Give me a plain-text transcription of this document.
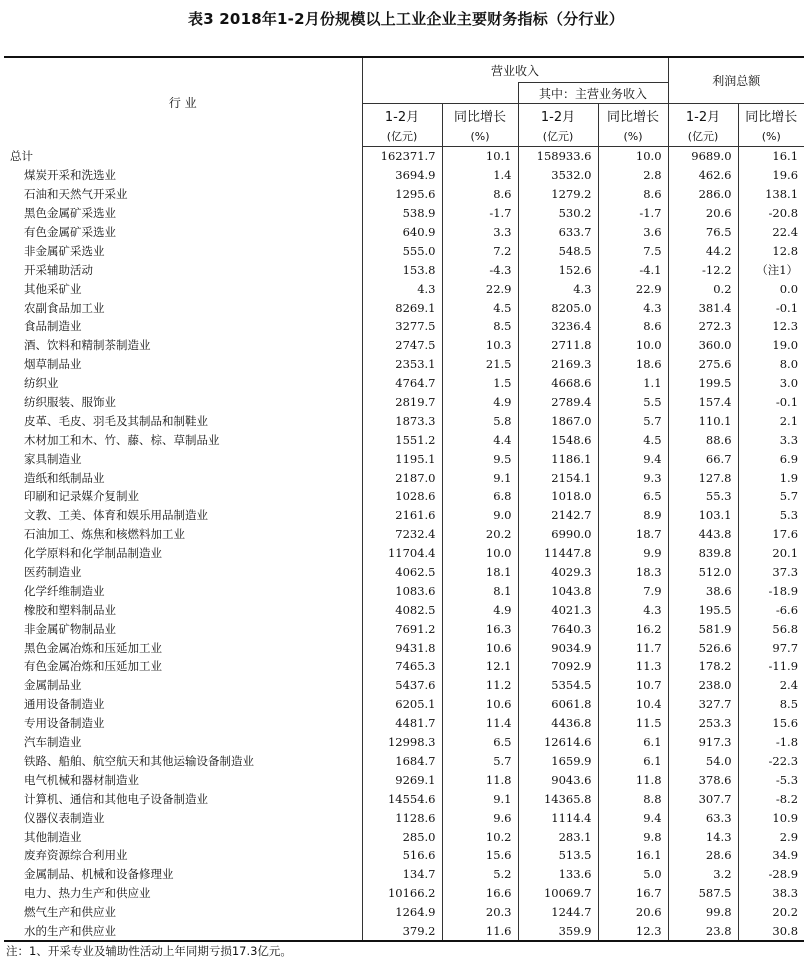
表3 2018年1-2月份规模以上工业企业主要财务指标（分行业）
行 业	营业收入				利润总额	
			其中：主营业务收入			
	1-2月	同比增长	1-2月	同比增长	1-2月	同比增长
	(亿元)	(%)	(亿元)	(%)	(亿元)	(%)
总计	162371.7	10.1	158933.6	10.0	9689.0	16.1
煤炭开采和洗选业	3694.9	1.4	3532.0	2.8	462.6	19.6
石油和天然气开采业	1295.6	8.6	1279.2	8.6	286.0	138.1
黑色金属矿采选业	538.9	-1.7	530.2	-1.7	20.6	-20.8
有色金属矿采选业	640.9	3.3	633.7	3.6	76.5	22.4
非金属矿采选业	555.0	7.2	548.5	7.5	44.2	12.8
开采辅助活动	153.8	-4.3	152.6	-4.1	-12.2	（注1）
其他采矿业	4.3	22.9	4.3	22.9	0.2	0.0
农副食品加工业	8269.1	4.5	8205.0	4.3	381.4	-0.1
食品制造业	3277.5	8.5	3236.4	8.6	272.3	12.3
酒、饮料和精制茶制造业	2747.5	10.3	2711.8	10.0	360.0	19.0
烟草制品业	2353.1	21.5	2169.3	18.6	275.6	8.0
纺织业	4764.7	1.5	4668.6	1.1	199.5	3.0
纺织服装、服饰业	2819.7	4.9	2789.4	5.5	157.4	-0.1
皮革、毛皮、羽毛及其制品和制鞋业	1873.3	5.8	1867.0	5.7	110.1	2.1
木材加工和木、竹、藤、棕、草制品业	1551.2	4.4	1548.6	4.5	88.6	3.3
家具制造业	1195.1	9.5	1186.1	9.4	66.7	6.9
造纸和纸制品业	2187.0	9.1	2154.1	9.3	127.8	1.9
印刷和记录媒介复制业	1028.6	6.8	1018.0	6.5	55.3	5.7
文教、工美、体育和娱乐用品制造业	2161.6	9.0	2142.7	8.9	103.1	5.3
石油加工、炼焦和核燃料加工业	7232.4	20.2	6990.0	18.7	443.8	17.6
化学原料和化学制品制造业	11704.4	10.0	11447.8	9.9	839.8	20.1
医药制造业	4062.5	18.1	4029.3	18.3	512.0	37.3
化学纤维制造业	1083.6	8.1	1043.8	7.9	38.6	-18.9
橡胶和塑料制品业	4082.5	4.9	4021.3	4.3	195.5	-6.6
非金属矿物制品业	7691.2	16.3	7640.3	16.2	581.9	56.8
黑色金属冶炼和压延加工业	9431.8	10.6	9034.9	11.7	526.6	97.7
有色金属冶炼和压延加工业	7465.3	12.1	7092.9	11.3	178.2	-11.9
金属制品业	5437.6	11.2	5354.5	10.7	238.0	2.4
通用设备制造业	6205.1	10.6	6061.8	10.4	327.7	8.5
专用设备制造业	4481.7	11.4	4436.8	11.5	253.3	15.6
汽车制造业	12998.3	6.5	12614.6	6.1	917.3	-1.8
铁路、船舶、航空航天和其他运输设备制造业	1684.7	5.7	1659.9	6.1	54.0	-22.3
电气机械和器材制造业	9269.1	11.8	9043.6	11.8	378.6	-5.3
计算机、通信和其他电子设备制造业	14554.6	9.1	14365.8	8.8	307.7	-8.2
仪器仪表制造业	1128.6	9.6	1114.4	9.4	63.3	10.9
其他制造业	285.0	10.2	283.1	9.8	14.3	2.9
废弃资源综合利用业	516.6	15.6	513.5	16.1	28.6	34.9
金属制品、机械和设备修理业	134.7	5.2	133.6	5.0	3.2	-28.9
电力、热力生产和供应业	10166.2	16.6	10069.7	16.7	587.5	38.3
燃气生产和供应业	1264.9	20.3	1244.7	20.6	99.8	20.2
水的生产和供应业	379.2	11.6	359.9	12.3	23.8	30.8
注：1、开采专业及辅助性活动上年同期亏损17.3亿元。
